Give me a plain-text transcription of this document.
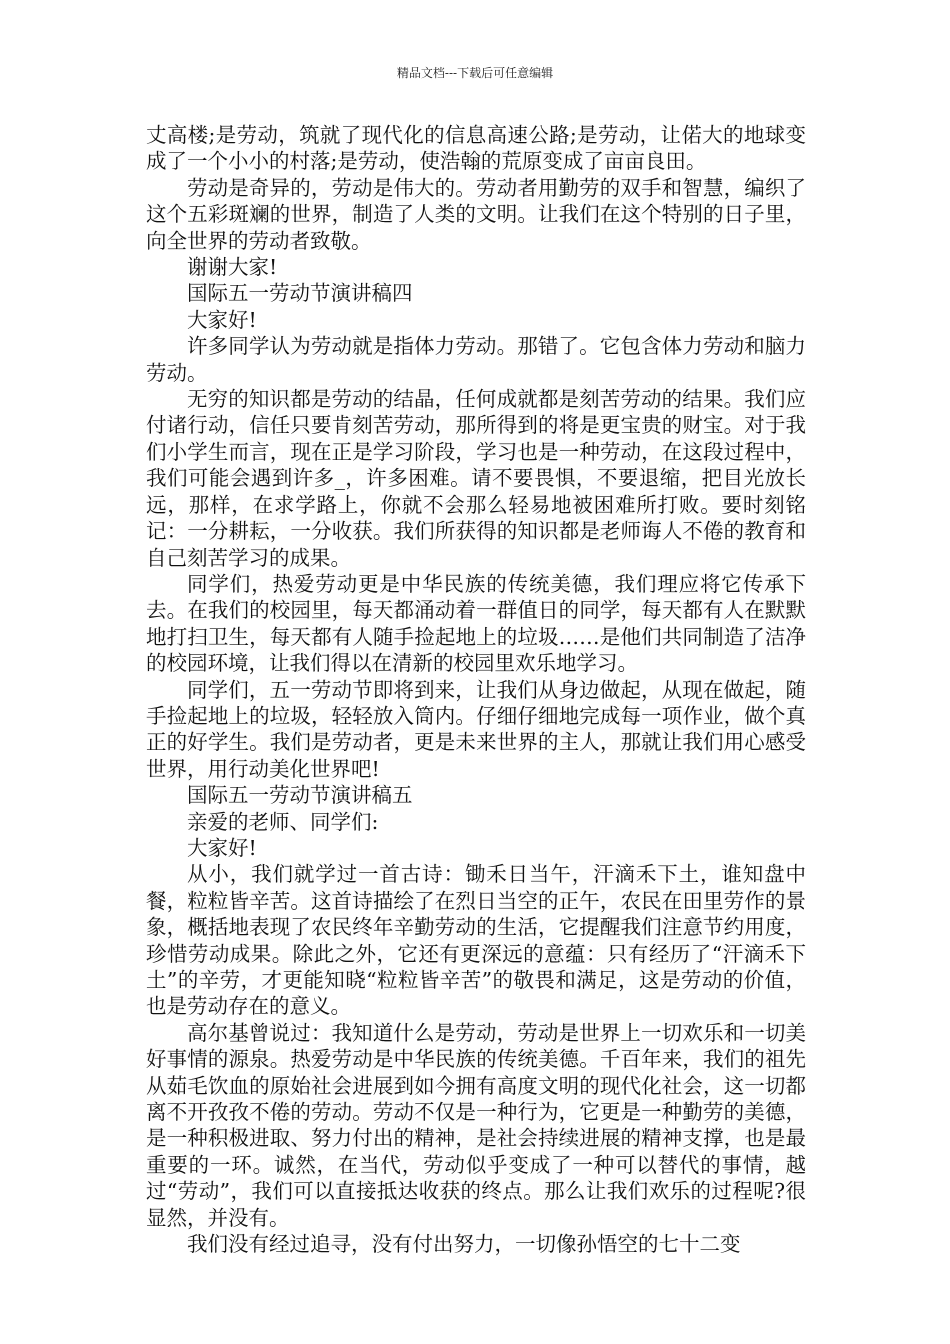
精品文档---下载后可任意编辑

丈高楼;是劳动，筑就了现代化的信息高速公路;是劳动，让偌大的地球变成了一个小小的村落;是劳动，使浩翰的荒原变成了亩亩良田。

劳动是奇异的，劳动是伟大的。劳动者用勤劳的双手和智慧，编织了这个五彩斑斓的世界，制造了人类的文明。让我们在这个特别的日子里，向全世界的劳动者致敬。

谢谢大家!

国际五一劳动节演讲稿四

大家好!

许多同学认为劳动就是指体力劳动。那错了。它包含体力劳动和脑力劳动。

无穷的知识都是劳动的结晶，任何成就都是刻苦劳动的结果。我们应付诸行动，信任只要肯刻苦劳动，那所得到的将是更宝贵的财宝。对于我们小学生而言，现在正是学习阶段，学习也是一种劳动，在这段过程中，我们可能会遇到许多_，许多困难。请不要畏惧，不要退缩，把目光放长远，那样，在求学路上，你就不会那么轻易地被困难所打败。要时刻铭记：一分耕耘，一分收获。我们所获得的知识都是老师诲人不倦的教育和自己刻苦学习的成果。

同学们，热爱劳动更是中华民族的传统美德，我们理应将它传承下去。在我们的校园里，每天都涌动着一群值日的同学，每天都有人在默默地打扫卫生，每天都有人随手捡起地上的垃圾……是他们共同制造了洁净的校园环境，让我们得以在清新的校园里欢乐地学习。

同学们，五一劳动节即将到来，让我们从身边做起，从现在做起，随手捡起地上的垃圾，轻轻放入筒内。仔细仔细地完成每一项作业，做个真正的好学生。我们是劳动者，更是未来世界的主人，那就让我们用心感受世界，用行动美化世界吧!

国际五一劳动节演讲稿五

亲爱的老师、同学们:

大家好!

从小，我们就学过一首古诗：锄禾日当午，汗滴禾下土，谁知盘中餐，粒粒皆辛苦。这首诗描绘了在烈日当空的正午，农民在田里劳作的景象，概括地表现了农民终年辛勤劳动的生活，它提醒我们注意节约用度，珍惜劳动成果。除此之外，它还有更深远的意蕴：只有经历了“汗滴禾下土”的辛劳，才更能知晓“粒粒皆辛苦”的敬畏和满足，这是劳动的价值，也是劳动存在的意义。

高尔基曾说过：我知道什么是劳动，劳动是世界上一切欢乐和一切美好事情的源泉。热爱劳动是中华民族的传统美德。千百年来，我们的祖先从茹毛饮血的原始社会进展到如今拥有高度文明的现代化社会，这一切都离不开孜孜不倦的劳动。劳动不仅是一种行为，它更是一种勤劳的美德，是一种积极进取、努力付出的精神，是社会持续进展的精神支撑，也是最重要的一环。诚然，在当代，劳动似乎变成了一种可以替代的事情，越过“劳动”，我们可以直接抵达收获的终点。那么让我们欢乐的过程呢?很显然，并没有。

我们没有经过追寻，没有付出努力，一切像孙悟空的七十二变
